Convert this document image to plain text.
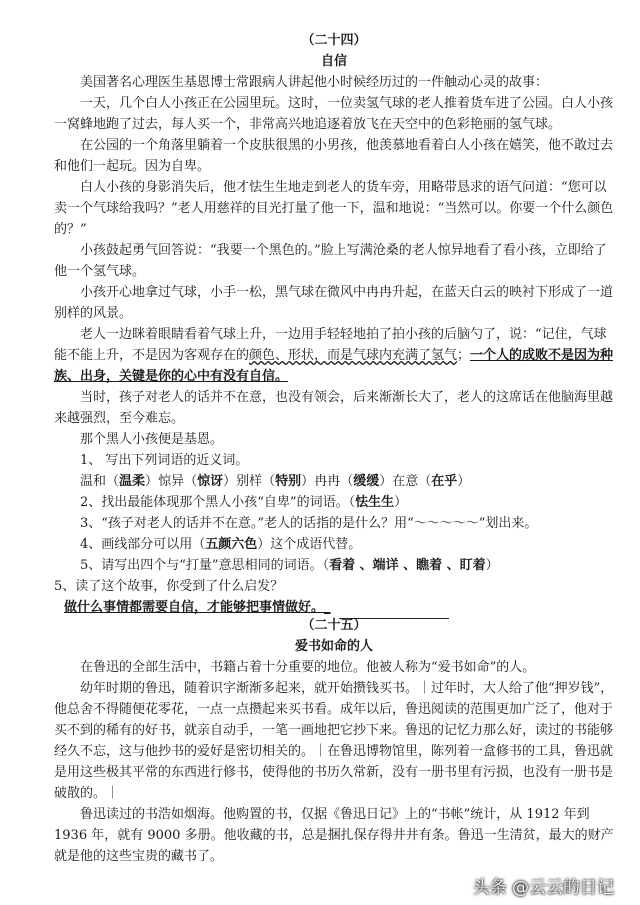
（二十四）

自信

美国著名心理医生基恩博士常跟病人讲起他小时候经历过的一件触动心灵的故事：

一天，几个白人小孩正在公园里玩。这时，一位卖氢气球的老人推着货车进了公园。白人小孩一窝蜂地跑了过去，每人买一个，非常高兴地追逐着放飞在天空中的色彩艳丽的氢气球。

在公园的一个角落里躺着一个皮肤很黑的小男孩，他羡慕地看着白人小孩在嬉笑，他不敢过去和他们一起玩。因为自卑。

白人小孩的身影消失后，他才怯生生地走到老人的货车旁，用略带恳求的语气问道：“您可以卖一个气球给我吗？”老人用慈祥的目光打量了他一下，温和地说：“当然可以。你要一个什么颜色的？”

小孩鼓起勇气回答说：“我要一个黑色的。”脸上写满沧桑的老人惊异地看了看小孩，立即给了他一个氢气球。

小孩开心地拿过气球，小手一松，黑气球在微风中冉冉升起，在蓝天白云的映衬下形成了一道别样的风景。

老人一边眯着眼睛看着气球上升，一边用手轻轻地拍了拍小孩的后脑勺了，说：“记住，气球能不能上升，不是因为客观存在的颜色、形状，而是气球内充满了氢气；一个人的成败不是因为种族、出身，关键是你的心中有没有自信。

当时，孩子对老人的话并不在意，也没有领会，后来渐渐长大了，老人的这席话在他脑海里越来越强烈，至今难忘。

那个黑人小孩便是基恩。

1、 写出下列词语的近义词。

温和（温柔）惊异（惊讶）别样（特别）冉冉（缓缓）在意（在乎）

2、找出最能体现那个黑人小孩“自卑”的词语。（怯生生）

3、“孩子对老人的话并不在意。”老人的话指的是什么？用“～～～～～”划出来。

4、画线部分可以用（五颜六色）这个成语代替。

5、请写出四个与“打量”意思相同的词语。（看着 、端详 、瞧着 、盯着）

5、读了这个故事，你受到了什么启发？

做什么事情都需要自信，才能够把事情做好。_

（二十五）

爱书如命的人

在鲁迅的全部生活中，书籍占着十分重要的地位。他被人称为“爱书如命”的人。

幼年时期的鲁迅，随着识字渐渐多起来，就开始攒钱买书。｜过年时，大人给了他“押岁钱”，他总舍不得随便花零花，一点一点攒起来买书看。成年以后，鲁迅阅读的范围更加广泛了，他对于买不到的稀有的好书，就亲自动手，一笔一画地把它抄下来。鲁迅的记忆力那么好，读过的书能够经久不忘，这与他抄书的爱好是密切相关的。｜在鲁迅博物馆里，陈列着一盒修书的工具，鲁迅就是用这些极其平常的东西进行修书，使得他的书历久常新，没有一册书里有污损，也没有一册书是破散的。｜

鲁迅读过的书浩如烟海。他购置的书，仅据《鲁迅日记》上的“书帐”统计，从 1912 年到 1936 年，就有 9000 多册。他收藏的书，总是捆扎保存得井井有条。鲁迅一生清贫，最大的财产就是他的这些宝贵的藏书了。

头条 @云云的日记
